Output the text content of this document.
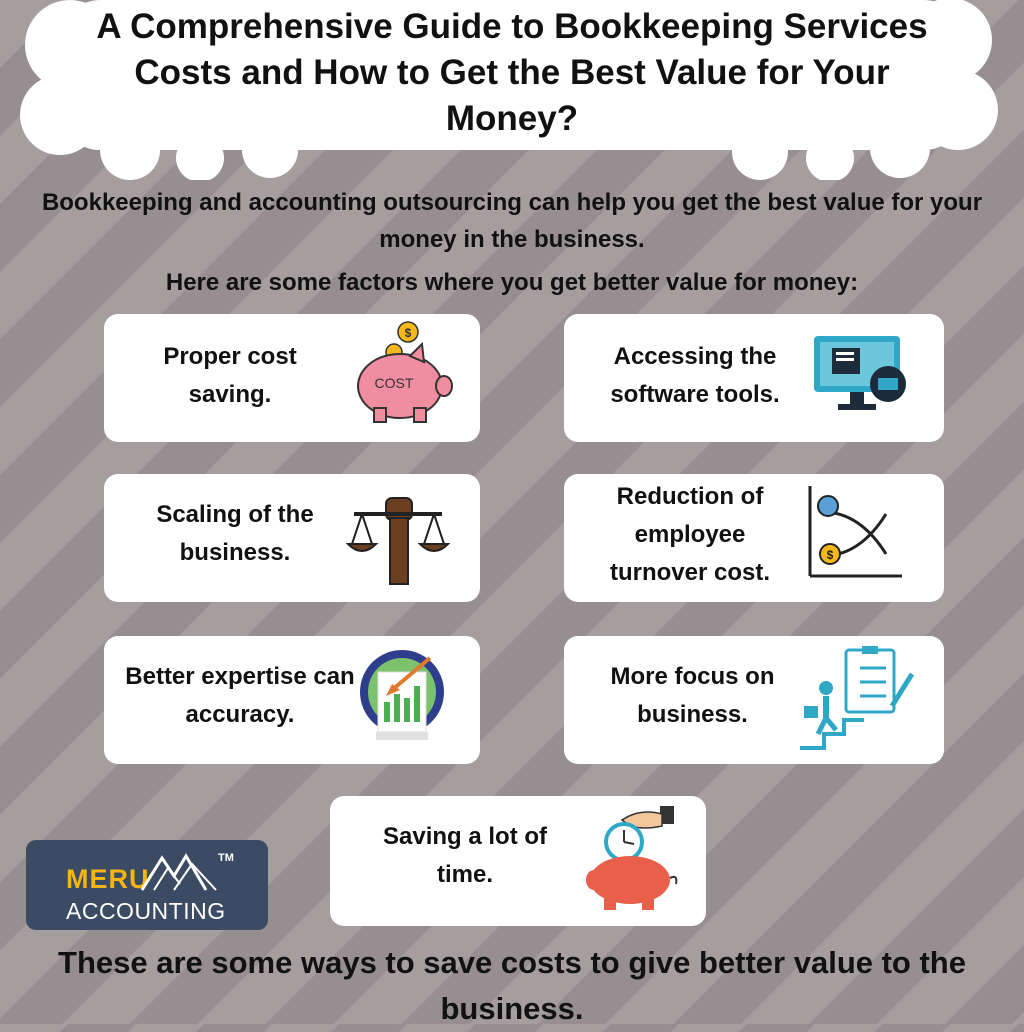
A Comprehensive Guide to Bookkeeping Services Costs and How to Get the Best Value for Your Money?
Bookkeeping and accounting outsourcing can help you get the best value for your money in the business.
Here are some factors where you get better value for money:
Proper cost saving.
$
COST
Accessing the software tools.
Scaling of the business.
Reduction of employee turnover cost.
$
Better expertise can accuracy.
More focus on business.
Saving a lot of time.
MERU
TM
ACCOUNTING
These are some ways to save costs to give better value to the business.
